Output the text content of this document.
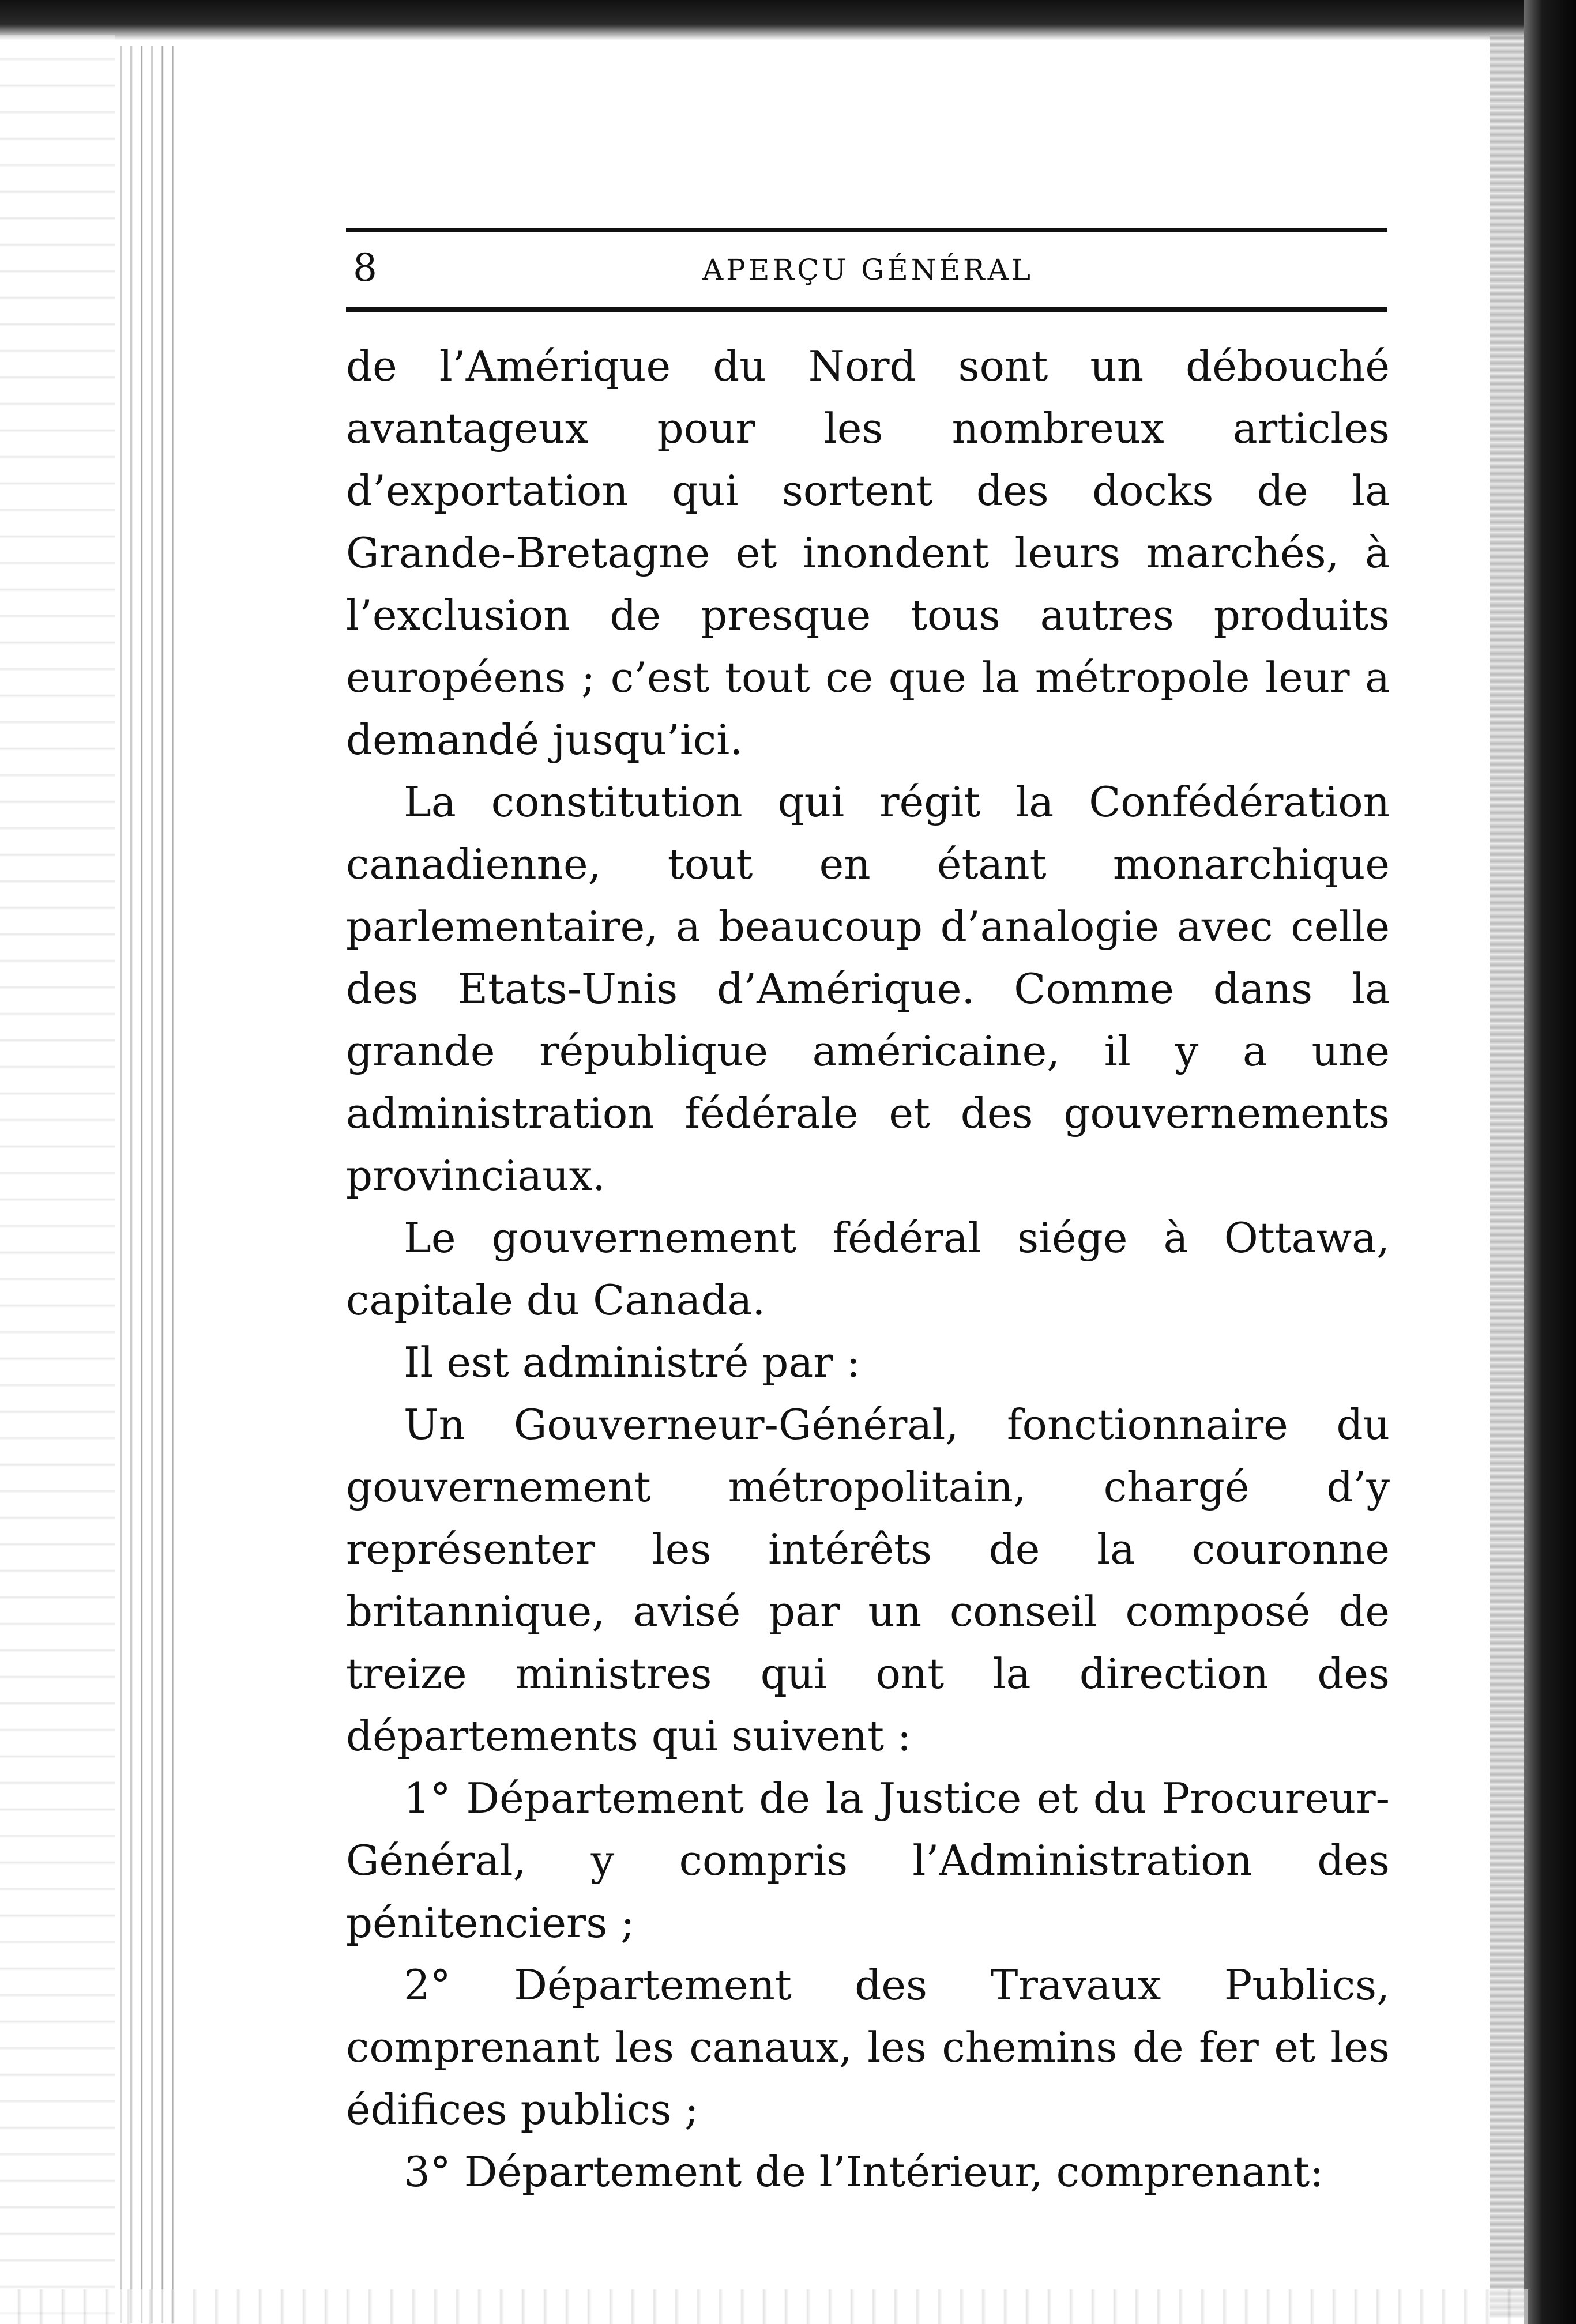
8	APERÇU GÉNÉRAL

de l’Amérique du Nord sont un débouché avantageux pour les nombreux articles d’exportation qui sortent des docks de la Grande-Bretagne et inondent leurs marchés, à l’exclusion de presque tous autres produits européens ; c’est tout ce que la métropole leur a demandé jusqu’ici.

La constitution qui régit la Confédération canadienne, tout en étant monarchique parlementaire, a beaucoup d’analogie avec celle des Etats-Unis d’Amérique. Comme dans la grande république américaine, il y a une administration fédérale et des gouvernements provinciaux.

Le gouvernement fédéral siége à Ottawa, capitale du Canada.

Il est administré par :

Un Gouverneur-Général, fonctionnaire du gouvernement métropolitain, chargé d’y représenter les intérêts de la couronne britannique, avisé par un conseil composé de treize ministres qui ont la direction des départements qui suivent :

1° Département de la Justice et du Procureur-Général, y compris l’Administration des pénitenciers ;

2° Département des Travaux Publics, comprenant les canaux, les chemins de fer et les édifices publics ;

3° Département de l’Intérieur, comprenant:
